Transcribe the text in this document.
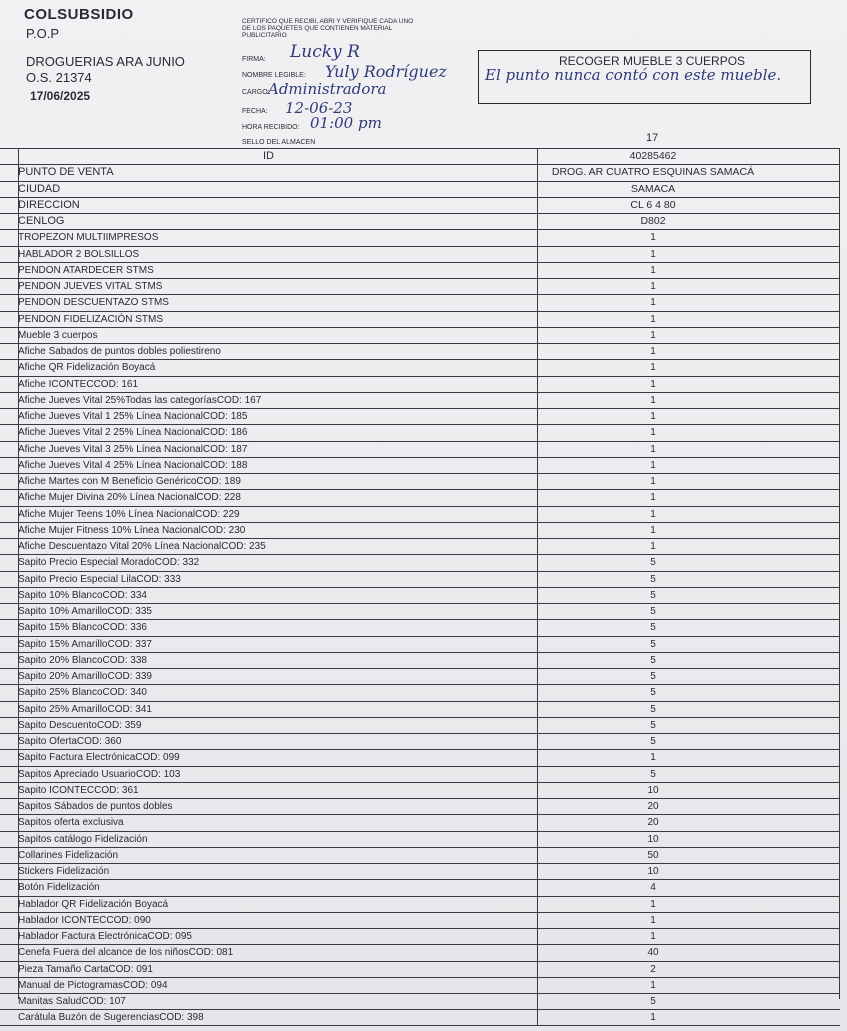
COLSUBSIDIO
P.O.P
DROGUERIAS ARA JUNIO
O.S. 21374
17/06/2025
CERTIFICO QUE RECIBI, ABRI Y VERIFIQUE CADA UNO DE LOS PAQUETES QUE CONTIENEN MATERIAL PUBLICITARIO
FIRMA: Lucky R
NOMBRE LEGIBLE: Yuly Rodríguez
CARGO:
Administradora
FECHA: 12-06-23
HORA RECIBIDO: 01:00 pm
SELLO DEL ALMACEN
RECOGER MUEBLE 3 CUERPOS
El punto nunca contó con este mueble.
17
ID	40285462
PUNTO DE VENTA	DROG. AR CUATRO ESQUINAS SAMACÁ
CIUDAD	SAMACA
DIRECCION	CL 6 4 80
CENLOG	D802
TROPEZON MULTIIMPRESOS	1
HABLADOR 2 BOLSILLOS	1
PENDON ATARDECER STMS	1
PENDON JUEVES VITAL STMS	1
PENDON DESCUENTAZO STMS	1
PENDON FIDELIZACIÓN STMS	1
Mueble 3 cuerpos	1
Afiche Sabados de puntos dobles poliestireno	1
Afiche QR Fidelización Boyacá	1
Afiche ICONTECCOD: 161	1
Afiche Jueves Vital 25%Todas las categoríasCOD: 167	1
Afiche Jueves Vital 1 25% Línea NacionalCOD: 185	1
Afiche Jueves Vital 2 25% Línea NacionalCOD: 186	1
Afiche Jueves Vital 3 25% Línea NacionalCOD: 187	1
Afiche Jueves Vital 4 25% Línea NacionalCOD: 188	1
Afiche Martes con M Beneficio GenéricoCOD: 189	1
Afiche Mujer Divina 20% Línea NacionalCOD: 228	1
Afiche Mujer Teens 10% Línea NacionalCOD: 229	1
Afiche Mujer Fitness 10% Línea NacionalCOD: 230	1
Afiche Descuentazo Vital 20% Línea NacionalCOD: 235	1
Sapito Precio Especial MoradoCOD: 332	5
Sapito Precio Especial LilaCOD: 333	5
Sapito 10% BlancoCOD: 334	5
Sapito 10% AmarilloCOD: 335	5
Sapito 15% BlancoCOD: 336	5
Sapito 15% AmarilloCOD: 337	5
Sapito 20% BlancoCOD: 338	5
Sapito 20% AmarilloCOD: 339	5
Sapito 25% BlancoCOD: 340	5
Sapito 25% AmarilloCOD: 341	5
Sapito DescuentoCOD: 359	5
Sapito OfertaCOD: 360	5
Sapito Factura ElectrónicaCOD: 099	1
Sapitos Apreciado UsuarioCOD: 103	5
Sapito ICONTECCOD: 361	10
Sapitos Sábados de puntos dobles	20
Sapitos oferta exclusiva	20
Sapitos catálogo Fidelización	10
Collarines Fidelización	50
Stickers Fidelización	10
Botón Fidelización	4
Hablador QR Fidelización Boyacá	1
Hablador ICONTECCOD: 090	1
Hablador Factura ElectrónicaCOD: 095	1
Cenefa Fuera del alcance de los niñosCOD: 081	40
Pieza Tamaño CartaCOD: 091	2
Manual de PictogramasCOD: 094	1
Manitas SaludCOD: 107	5
Carátula Buzón de SugerenciasCOD: 398	1
